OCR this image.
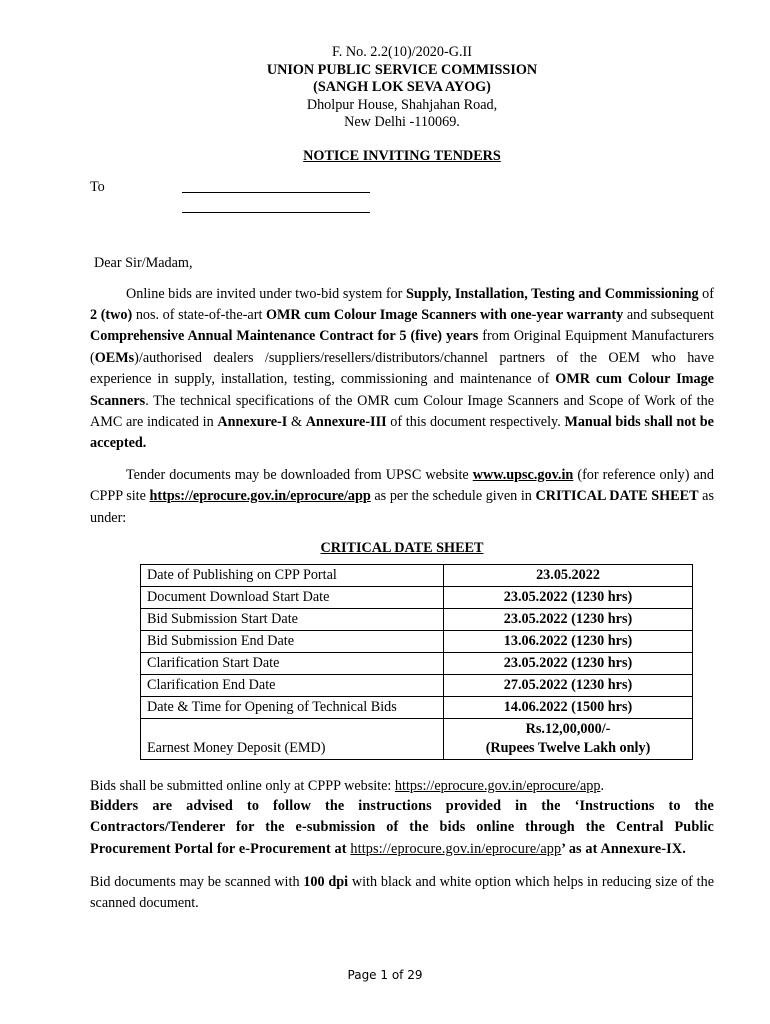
F. No. 2.2(10)/2020-G.II
UNION PUBLIC SERVICE COMMISSION
(SANGH LOK SEVA AYOG)
Dholpur House, Shahjahan Road,
New Delhi -110069.
NOTICE INVITING TENDERS
To
Dear Sir/Madam,

Online bids are invited under two-bid system for Supply, Installation, Testing and Commissioning of 2 (two) nos. of state-of-the-art OMR cum Colour Image Scanners with one-year warranty and subsequent Comprehensive Annual Maintenance Contract for 5 (five) years from Original Equipment Manufacturers (OEMs)/authorised dealers /suppliers/resellers/distributors/channel partners of the OEM who have experience in supply, installation, testing, commissioning and maintenance of OMR cum Colour Image Scanners. The technical specifications of the OMR cum Colour Image Scanners and Scope of Work of the AMC are indicated in Annexure-I & Annexure-III of this document respectively. Manual bids shall not be accepted.

Tender documents may be downloaded from UPSC website www.upsc.gov.in (for reference only) and CPPP site https://eprocure.gov.in/eprocure/app as per the schedule given in CRITICAL DATE SHEET as under:

CRITICAL DATE SHEET
Date of Publishing on CPP Portal	23.05.2022
Document Download Start Date	23.05.2022 (1230 hrs)
Bid Submission Start Date	23.05.2022 (1230 hrs)
Bid Submission End Date	13.06.2022 (1230 hrs)
Clarification Start Date	23.05.2022 (1230 hrs)
Clarification End Date	27.05.2022 (1230 hrs)
Date & Time for Opening of Technical Bids	14.06.2022 (1500 hrs)
Earnest Money Deposit (EMD)	Rs.12,00,000/-
(Rupees Twelve Lakh only)

Bids shall be submitted online only at CPPP website: https://eprocure.gov.in/eprocure/app.

Bidders are advised to follow the instructions provided in the ‘Instructions to the Contractors/Tenderer for the e-submission of the bids online through the Central Public Procurement Portal for e-Procurement at https://eprocure.gov.in/eprocure/app’ as at Annexure-IX.

Bid documents may be scanned with 100 dpi with black and white option which helps in reducing size of the scanned document.

Page 1 of 29
